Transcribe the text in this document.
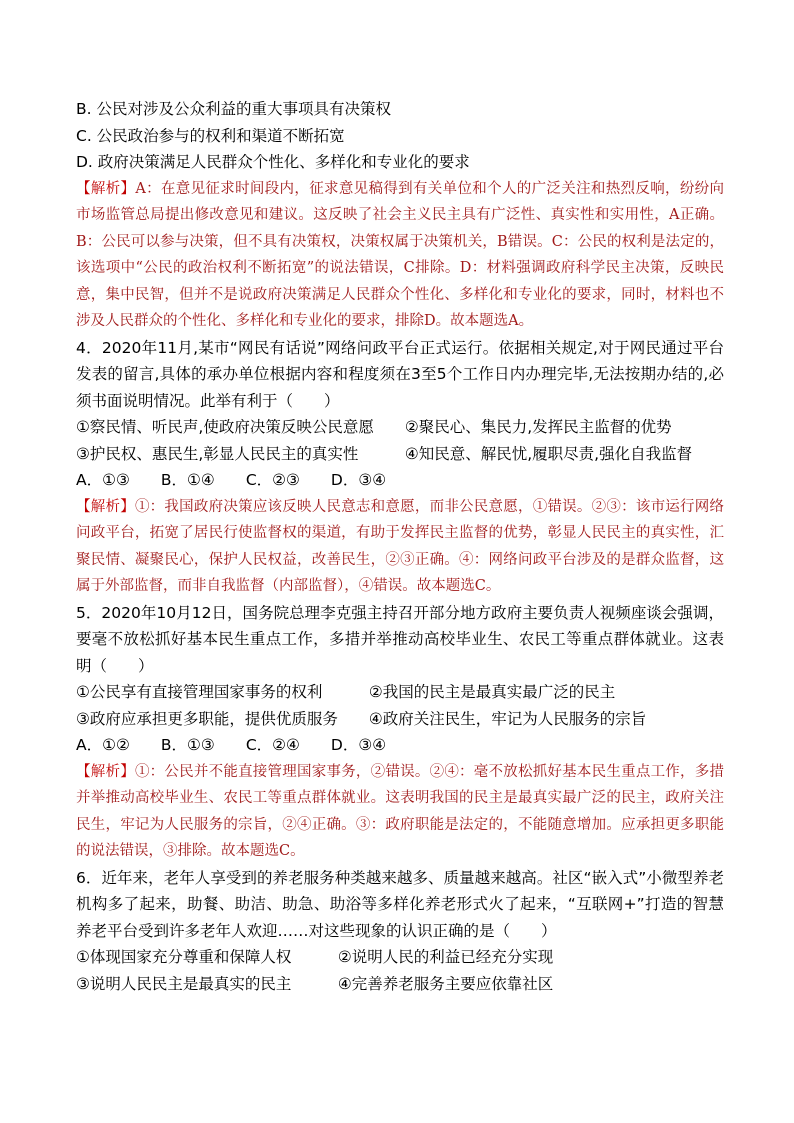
B. 公民对涉及公众利益的重大事项具有决策权
C. 公民政治参与的权利和渠道不断拓宽
D. 政府决策满足人民群众个性化、多样化和专业化的要求
【解析】A：在意见征求时间段内，征求意见稿得到有关单位和个人的广泛关注和热烈反响，纷纷向市场监管总局提出修改意见和建议。这反映了社会主义民主具有广泛性、真实性和实用性，A正确。B：公民可以参与决策，但不具有决策权，决策权属于决策机关，B错误。C：公民的权利是法定的，该选项中“公民的政治权利不断拓宽”的说法错误，C排除。D：材料强调政府科学民主决策，反映民意，集中民智，但并不是说政府决策满足人民群众个性化、多样化和专业化的要求，同时，材料也不涉及人民群众的个性化、多样化和专业化的要求，排除D。故本题选A。
4．2020年11月,某市“网民有话说”网络问政平台正式运行。依据相关规定,对于网民通过平台发表的留言,具体的承办单位根据内容和程度须在3至5个工作日内办理完毕,无法按期办结的,必须书面说明情况。此举有利于（　　）
①察民情、听民声,使政府决策反映公民意愿　　②聚民心、集民力,发挥民主监督的优势
③护民权、惠民生,彰显人民民主的真实性　　　④知民意、解民忧,履职尽责,强化自我监督
A．①③　　B．①④　　C．②③　　D．③④
【解析】①：我国政府决策应该反映人民意志和意愿，而非公民意愿，①错误。②③：该市运行网络问政平台，拓宽了居民行使监督权的渠道，有助于发挥民主监督的优势，彰显人民民主的真实性，汇聚民情、凝聚民心，保护人民权益，改善民生，②③正确。④：网络问政平台涉及的是群众监督，这属于外部监督，而非自我监督（内部监督），④错误。故本题选C。
5．2020年10月12日，国务院总理李克强主持召开部分地方政府主要负责人视频座谈会强调，要毫不放松抓好基本民生重点工作，多措并举推动高校毕业生、农民工等重点群体就业。这表明（　　）
①公民享有直接管理国家事务的权利　　　②我国的民主是最真实最广泛的民主
③政府应承担更多职能，提供优质服务　　④政府关注民生，牢记为人民服务的宗旨
A．①②　　B．①③　　C．②④　　D．③④
【解析】①：公民并不能直接管理国家事务，②错误。②④：毫不放松抓好基本民生重点工作，多措并举推动高校毕业生、农民工等重点群体就业。这表明我国的民主是最真实最广泛的民主，政府关注民生，牢记为人民服务的宗旨，②④正确。③：政府职能是法定的，不能随意增加。应承担更多职能的说法错误，③排除。故本题选C。
6．近年来，老年人享受到的养老服务种类越来越多、质量越来越高。社区“嵌入式”小微型养老机构多了起来，助餐、助洁、助急、助浴等多样化养老形式火了起来，“互联网+”打造的智慧养老平台受到许多老年人欢迎……对这些现象的认识正确的是（　　）
①体现国家充分尊重和保障人权　　　②说明人民的利益已经充分实现
③说明人民民主是最真实的民主　　　④完善养老服务主要应依靠社区
